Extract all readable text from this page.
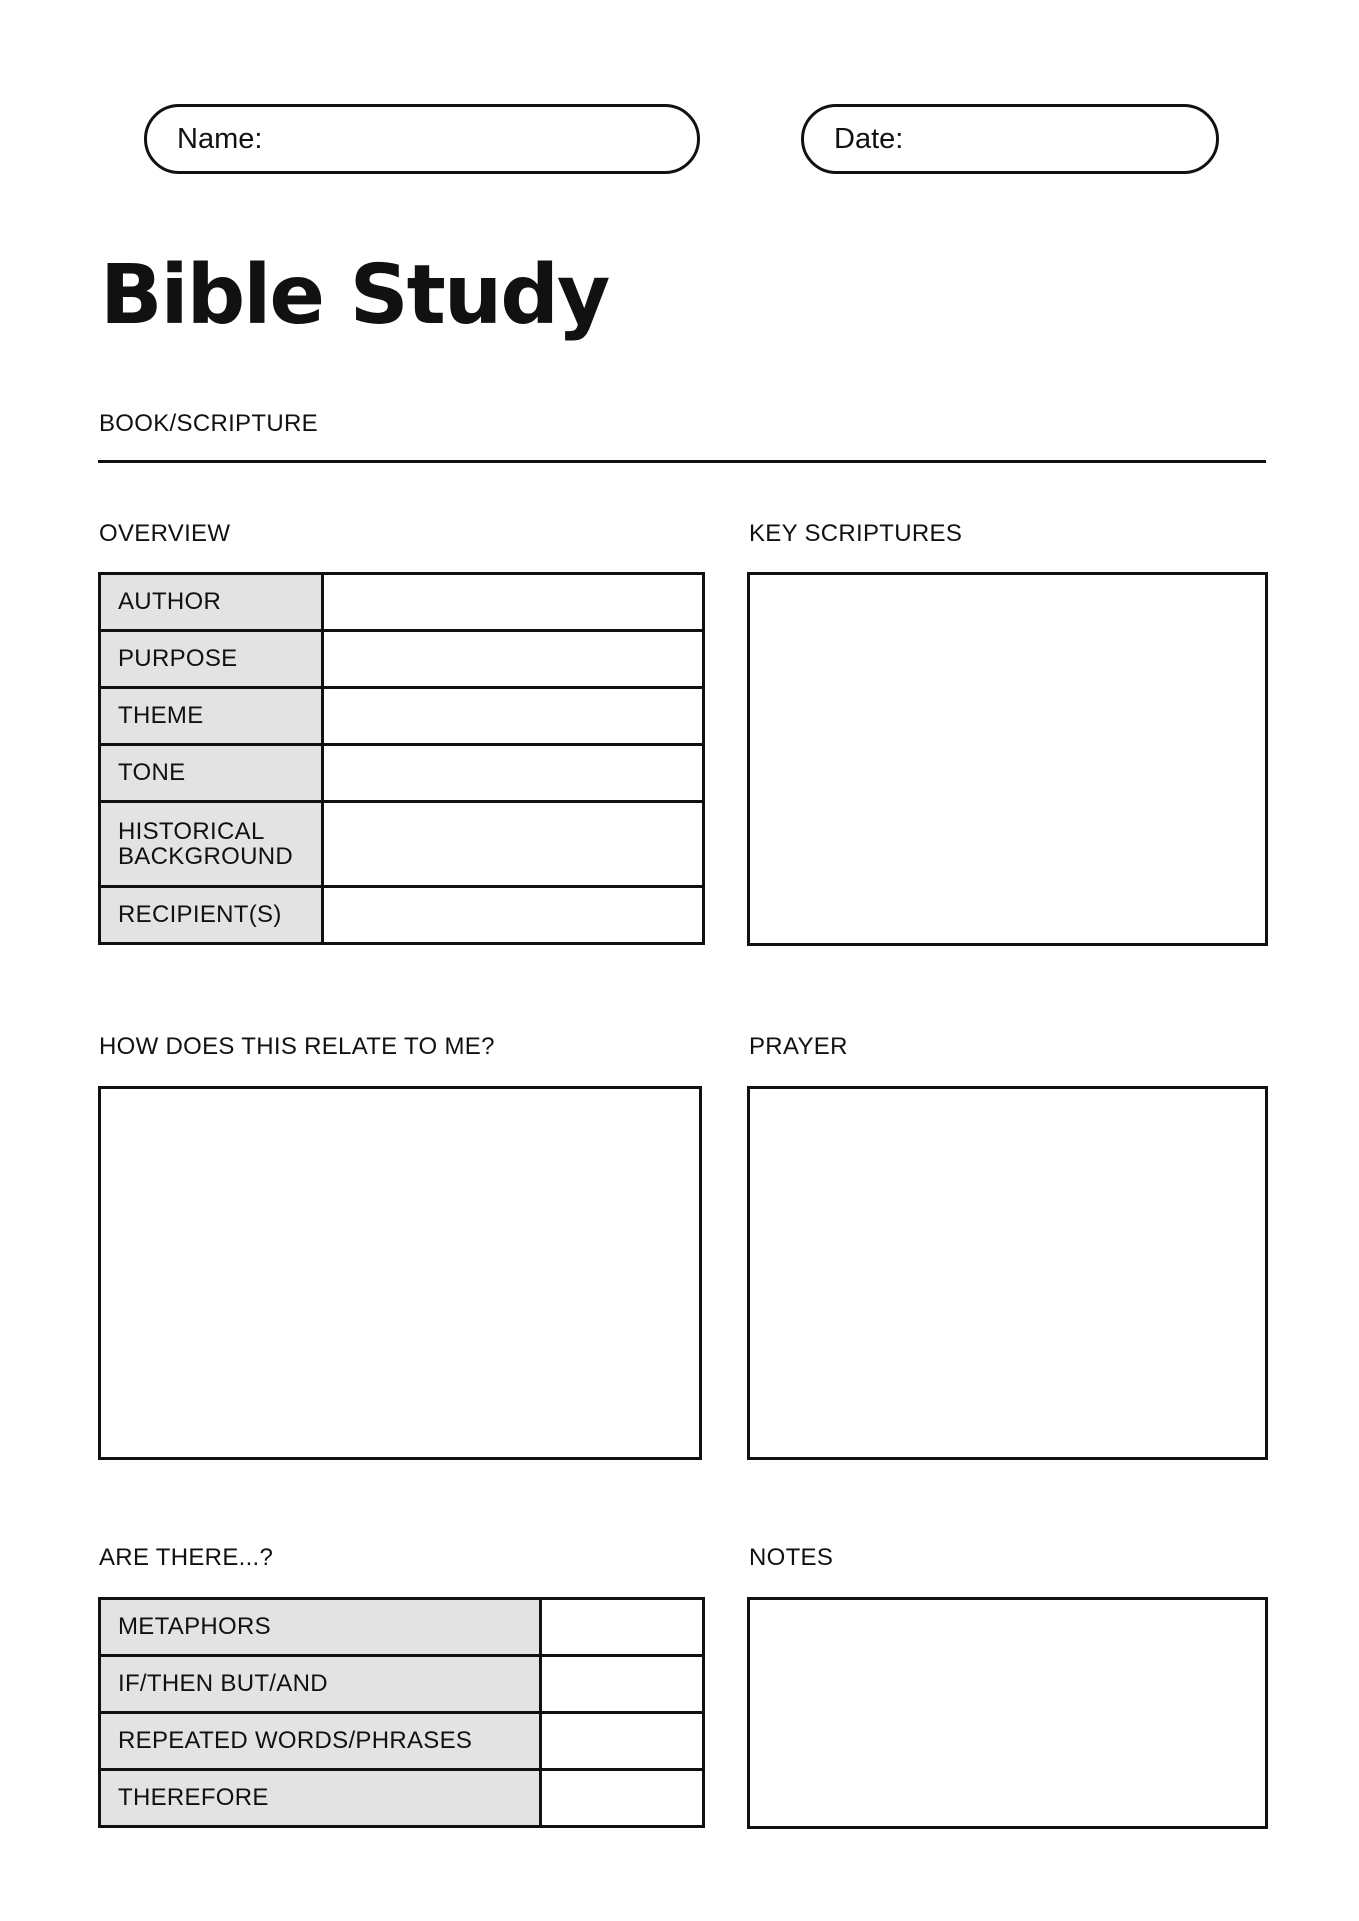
Name:	Date:
Bible Study
BOOK/SCRIPTURE
OVERVIEW
AUTHOR	
PURPOSE	
THEME	
TONE	
HISTORICAL BACKGROUND	
RECIPIENT(S)	
KEY SCRIPTURES
HOW DOES THIS RELATE TO ME?	PRAYER
ARE THERE...?
METAPHORS	
IF/THEN BUT/AND	
REPEATED WORDS/PHRASES	
THEREFORE	
NOTES
